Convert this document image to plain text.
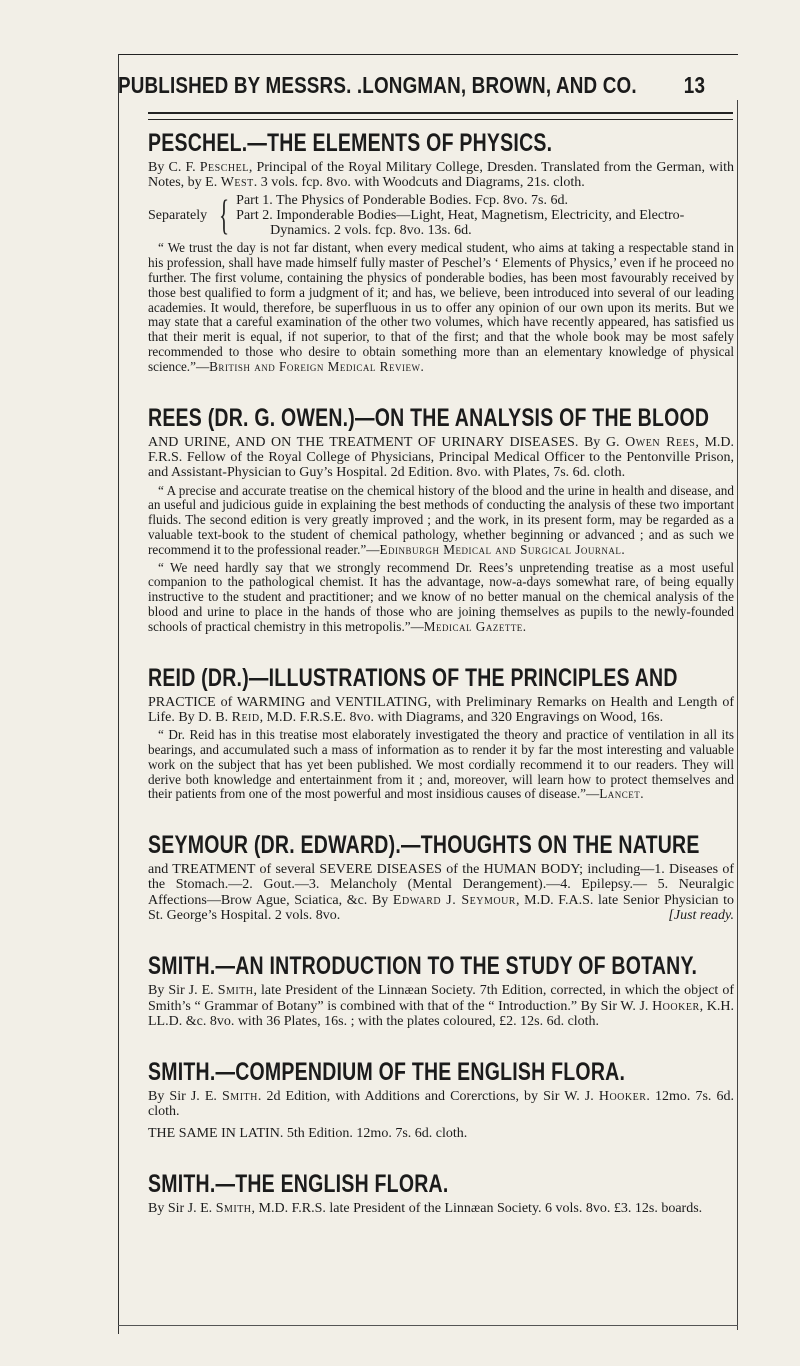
PUBLISHED BY MESSRS. .LONGMAN, BROWN, AND CO. 13
PESCHEL.—THE ELEMENTS OF PHYSICS.
By C. F. Peschel, Principal of the Royal Military College, Dresden. Translated from the German, with Notes, by E. West. 3 vols. fcp. 8vo. with Woodcuts and Diagrams, 21s. cloth.
Separately { Part 1. The Physics of Ponderable Bodies. Fcp. 8vo. 7s. 6d.
Part 2. Imponderable Bodies—Light, Heat, Magnetism, Electricity, and Electro-
Dynamics. 2 vols. fcp. 8vo. 13s. 6d.
“ We trust the day is not far distant, when every medical student, who aims at taking a respectable stand in his profession, shall have made himself fully master of Peschel’s ‘ Elements of Physics,’ even if he proceed no further. The first volume, containing the physics of ponderable bodies, has been most favourably received by those best qualified to form a judgment of it; and has, we believe, been introduced into several of our leading academies. It would, therefore, be superfluous in us to offer any opinion of our own upon its merits. But we may state that a careful examination of the other two volumes, which have recently appeared, has satisfied us that their merit is equal, if not superior, to that of the first; and that the whole book may be most safely recommended to those who desire to obtain something more than an elementary knowledge of physical science.”—British and Foreign Medical Review.
REES (DR. G. OWEN.)—ON THE ANALYSIS OF THE BLOOD
AND URINE, AND ON THE TREATMENT OF URINARY DISEASES. By G. Owen Rees, M.D. F.R.S. Fellow of the Royal College of Physicians, Principal Medical Officer to the Pentonville Prison, and Assistant-Physician to Guy’s Hospital. 2d Edition. 8vo. with Plates, 7s. 6d. cloth.
“ A precise and accurate treatise on the chemical history of the blood and the urine in health and disease, and an useful and judicious guide in explaining the best methods of conducting the analysis of these two important fluids. The second edition is very greatly improved ; and the work, in its present form, may be regarded as a valuable text-book to the student of chemical pathology, whether beginning or advanced ; and as such we recommend it to the professional reader.”—Edinburgh Medical and Surgical Journal.
“ We need hardly say that we strongly recommend Dr. Rees’s unpretending treatise as a most useful companion to the pathological chemist. It has the advantage, now-a-days somewhat rare, of being equally instructive to the student and practitioner; and we know of no better manual on the chemical analysis of the blood and urine to place in the hands of those who are joining themselves as pupils to the newly-founded schools of practical chemistry in this metropolis.”—Medical Gazette.
REID (DR.)—ILLUSTRATIONS OF THE PRINCIPLES AND
PRACTICE of WARMING and VENTILATING, with Preliminary Remarks on Health and Length of Life. By D. B. Reid, M.D. F.R.S.E. 8vo. with Diagrams, and 320 Engravings on Wood, 16s.
“ Dr. Reid has in this treatise most elaborately investigated the theory and practice of ventilation in all its bearings, and accumulated such a mass of information as to render it by far the most interesting and valuable work on the subject that has yet been published. We most cordially recommend it to our readers. They will derive both knowledge and entertainment from it ; and, moreover, will learn how to protect themselves and their patients from one of the most powerful and most insidious causes of disease.”—Lancet.
SEYMOUR (DR. EDWARD).—THOUGHTS ON THE NATURE
and TREATMENT of several SEVERE DISEASES of the HUMAN BODY; including—1. Diseases of the Stomach.—2. Gout.—3. Melancholy (Mental Derangement).—4. Epilepsy.— 5. Neuralgic Affections—Brow Ague, Sciatica, &c. By Edward J. Seymour, M.D. F.A.S. late Senior Physician to St. George’s Hospital. 2 vols. 8vo.	[Just ready.
SMITH.—AN INTRODUCTION TO THE STUDY OF BOTANY.
By Sir J. E. Smith, late President of the Linnæan Society. 7th Edition, corrected, in which the object of Smith’s “ Grammar of Botany” is combined with that of the “ Introduction.” By Sir W. J. Hooker, K.H. LL.D. &c. 8vo. with 36 Plates, 16s. ; with the plates coloured, £2. 12s. 6d. cloth.
SMITH.—COMPENDIUM OF THE ENGLISH FLORA.
By Sir J. E. Smith. 2d Edition, with Additions and Corerctions, by Sir W. J. Hooker. 12mo. 7s. 6d. cloth.
THE SAME IN LATIN. 5th Edition. 12mo. 7s. 6d. cloth.
SMITH.—THE ENGLISH FLORA.
By Sir J. E. Smith, M.D. F.R.S. late President of the Linnæan Society. 6 vols. 8vo. £3. 12s. boards.
